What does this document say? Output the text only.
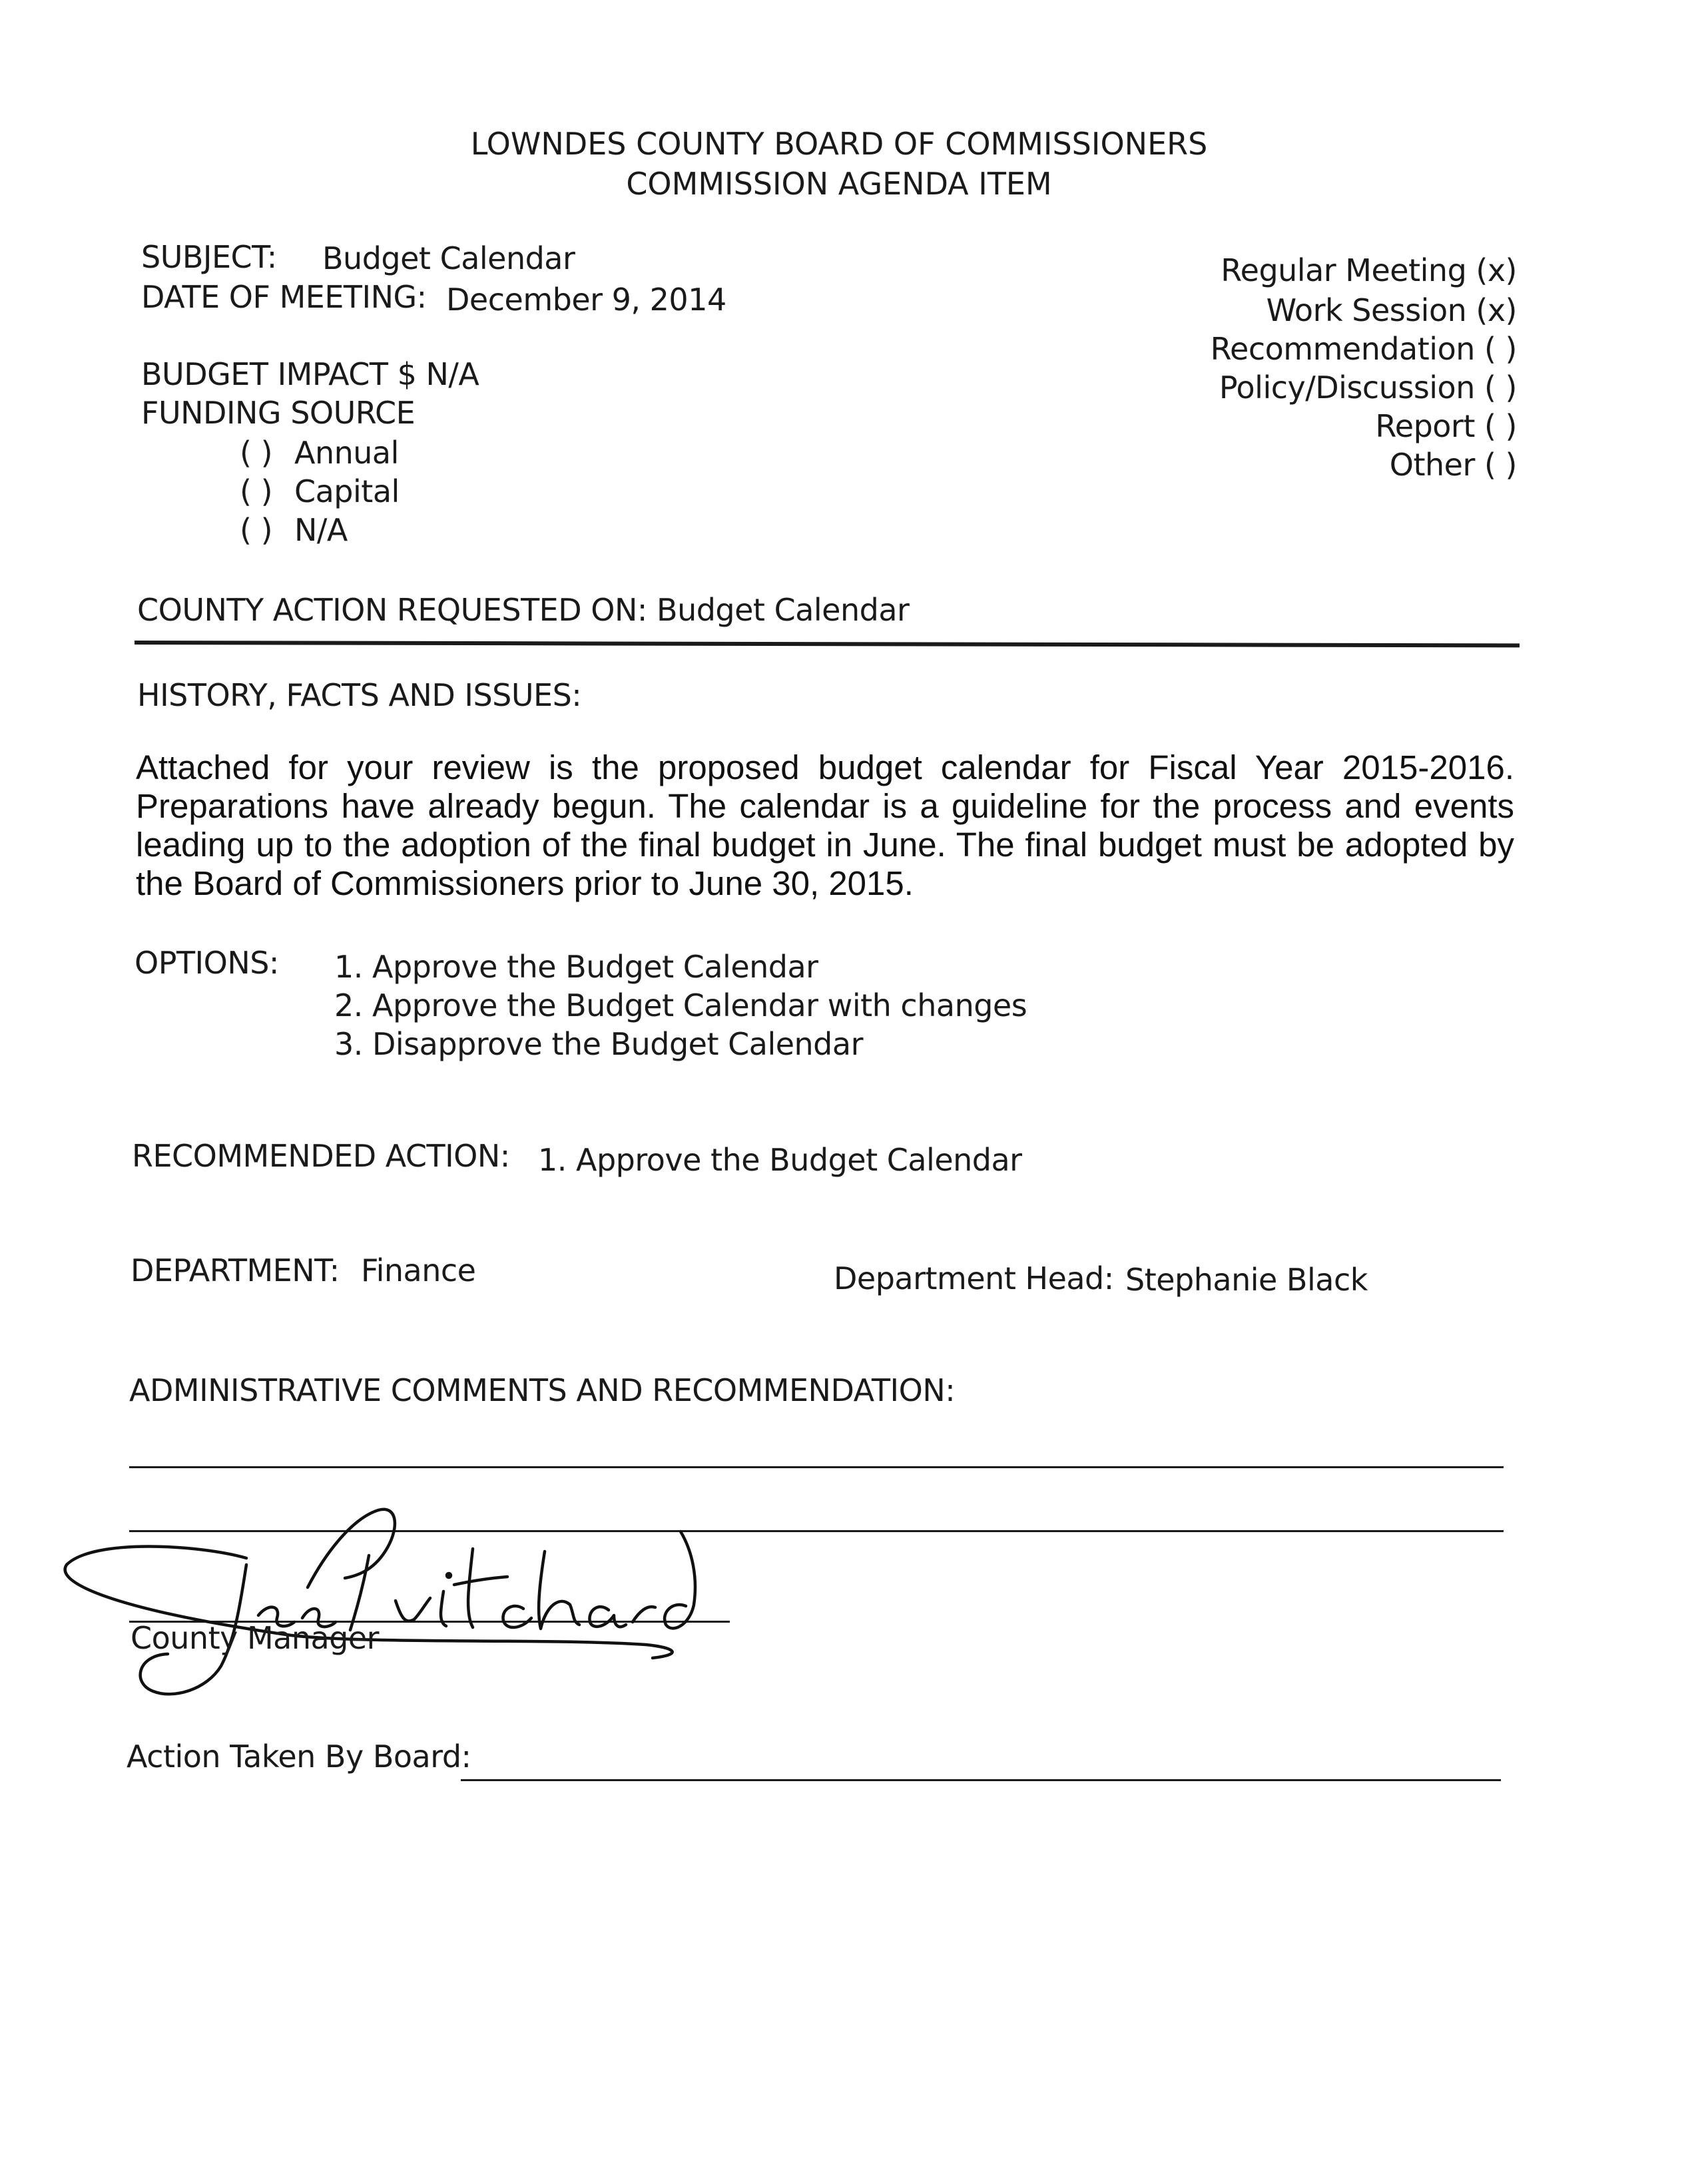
LOWNDES COUNTY BOARD OF COMMISSIONERS
COMMISSION AGENDA ITEM
SUBJECT: Budget Calendar
DATE OF MEETING: December 9, 2014
Regular Meeting (x)
Work Session (x)
Recommendation ( )
Policy/Discussion ( )
Report ( )
Other ( )
BUDGET IMPACT $ N/A
FUNDING SOURCE
( ) Annual
( ) Capital
( ) N/A
COUNTY ACTION REQUESTED ON: Budget Calendar
HISTORY, FACTS AND ISSUES:
Attached for your review is the proposed budget calendar for Fiscal Year 2015-2016. Preparations have already begun. The calendar is a guideline for the process and events leading up to the adoption of the final budget in June. The final budget must be adopted by the Board of Commissioners prior to June 30, 2015.
OPTIONS: 1. Approve the Budget Calendar
2. Approve the Budget Calendar with changes
3. Disapprove the Budget Calendar
RECOMMENDED ACTION: 1. Approve the Budget Calendar
DEPARTMENT: Finance	Department Head: Stephanie Black
ADMINISTRATIVE COMMENTS AND RECOMMENDATION:
County Manager
Action Taken By Board:
